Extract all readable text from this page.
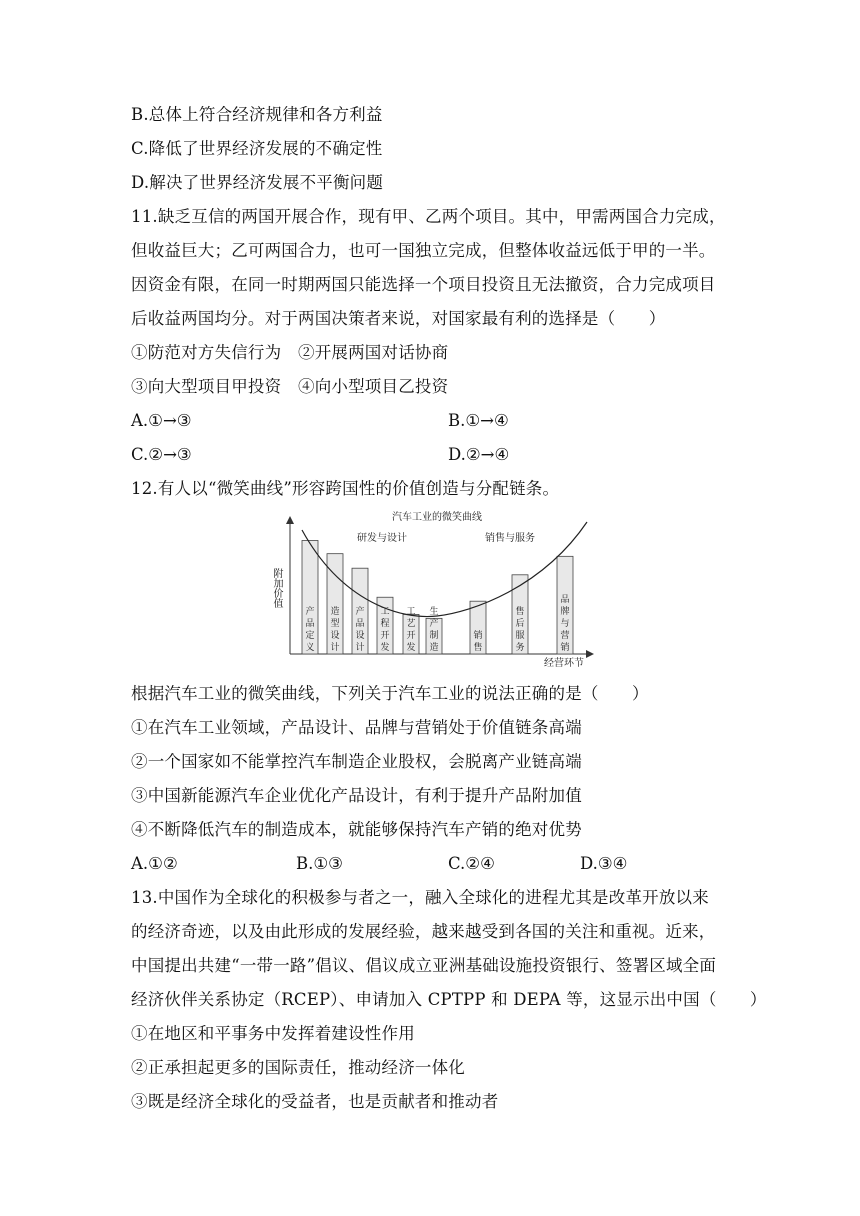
B.总体上符合经济规律和各方利益
C.降低了世界经济发展的不确定性
D.解决了世界经济发展不平衡问题
11.缺乏互信的两国开展合作，现有甲、乙两个项目。其中，甲需两国合力完成，
但收益巨大；乙可两国合力，也可一国独立完成，但整体收益远低于甲的一半。
因资金有限，在同一时期两国只能选择一个项目投资且无法撤资，合力完成项目
后收益两国均分。对于两国决策者来说，对国家最有利的选择是（　　）
①防范对方失信行为　②开展两国对话协商
③向大型项目甲投资　④向小型项目乙投资
A.①→③	B.①→④
C.②→③	D.②→④
12.有人以“微笑曲线”形容跨国性的价值创造与分配链条。
汽车工业的微笑曲线
研发与设计	销售与服务
经营环节
产品定义
造型设计
产品设计
工程开发
工艺开发
生产制造
销售
售后服务
品牌与营销
附加价值
根据汽车工业的微笑曲线，下列关于汽车工业的说法正确的是（　　）
①在汽车工业领域，产品设计、品牌与营销处于价值链条高端
②一个国家如不能掌控汽车制造企业股权，会脱离产业链高端
③中国新能源汽车企业优化产品设计，有利于提升产品附加值
④不断降低汽车的制造成本，就能够保持汽车产销的绝对优势
A.①②	B.①③	C.②④	D.③④
13.中国作为全球化的积极参与者之一，融入全球化的进程尤其是改革开放以来
的经济奇迹，以及由此形成的发展经验，越来越受到各国的关注和重视。近来，
中国提出共建“一带一路”倡议、倡议成立亚洲基础设施投资银行、签署区域全面
经济伙伴关系协定（RCEP）、申请加入 CPTPP 和 DEPA 等，这显示出中国（　　）
①在地区和平事务中发挥着建设性作用
②正承担起更多的国际责任，推动经济一体化
③既是经济全球化的受益者，也是贡献者和推动者
